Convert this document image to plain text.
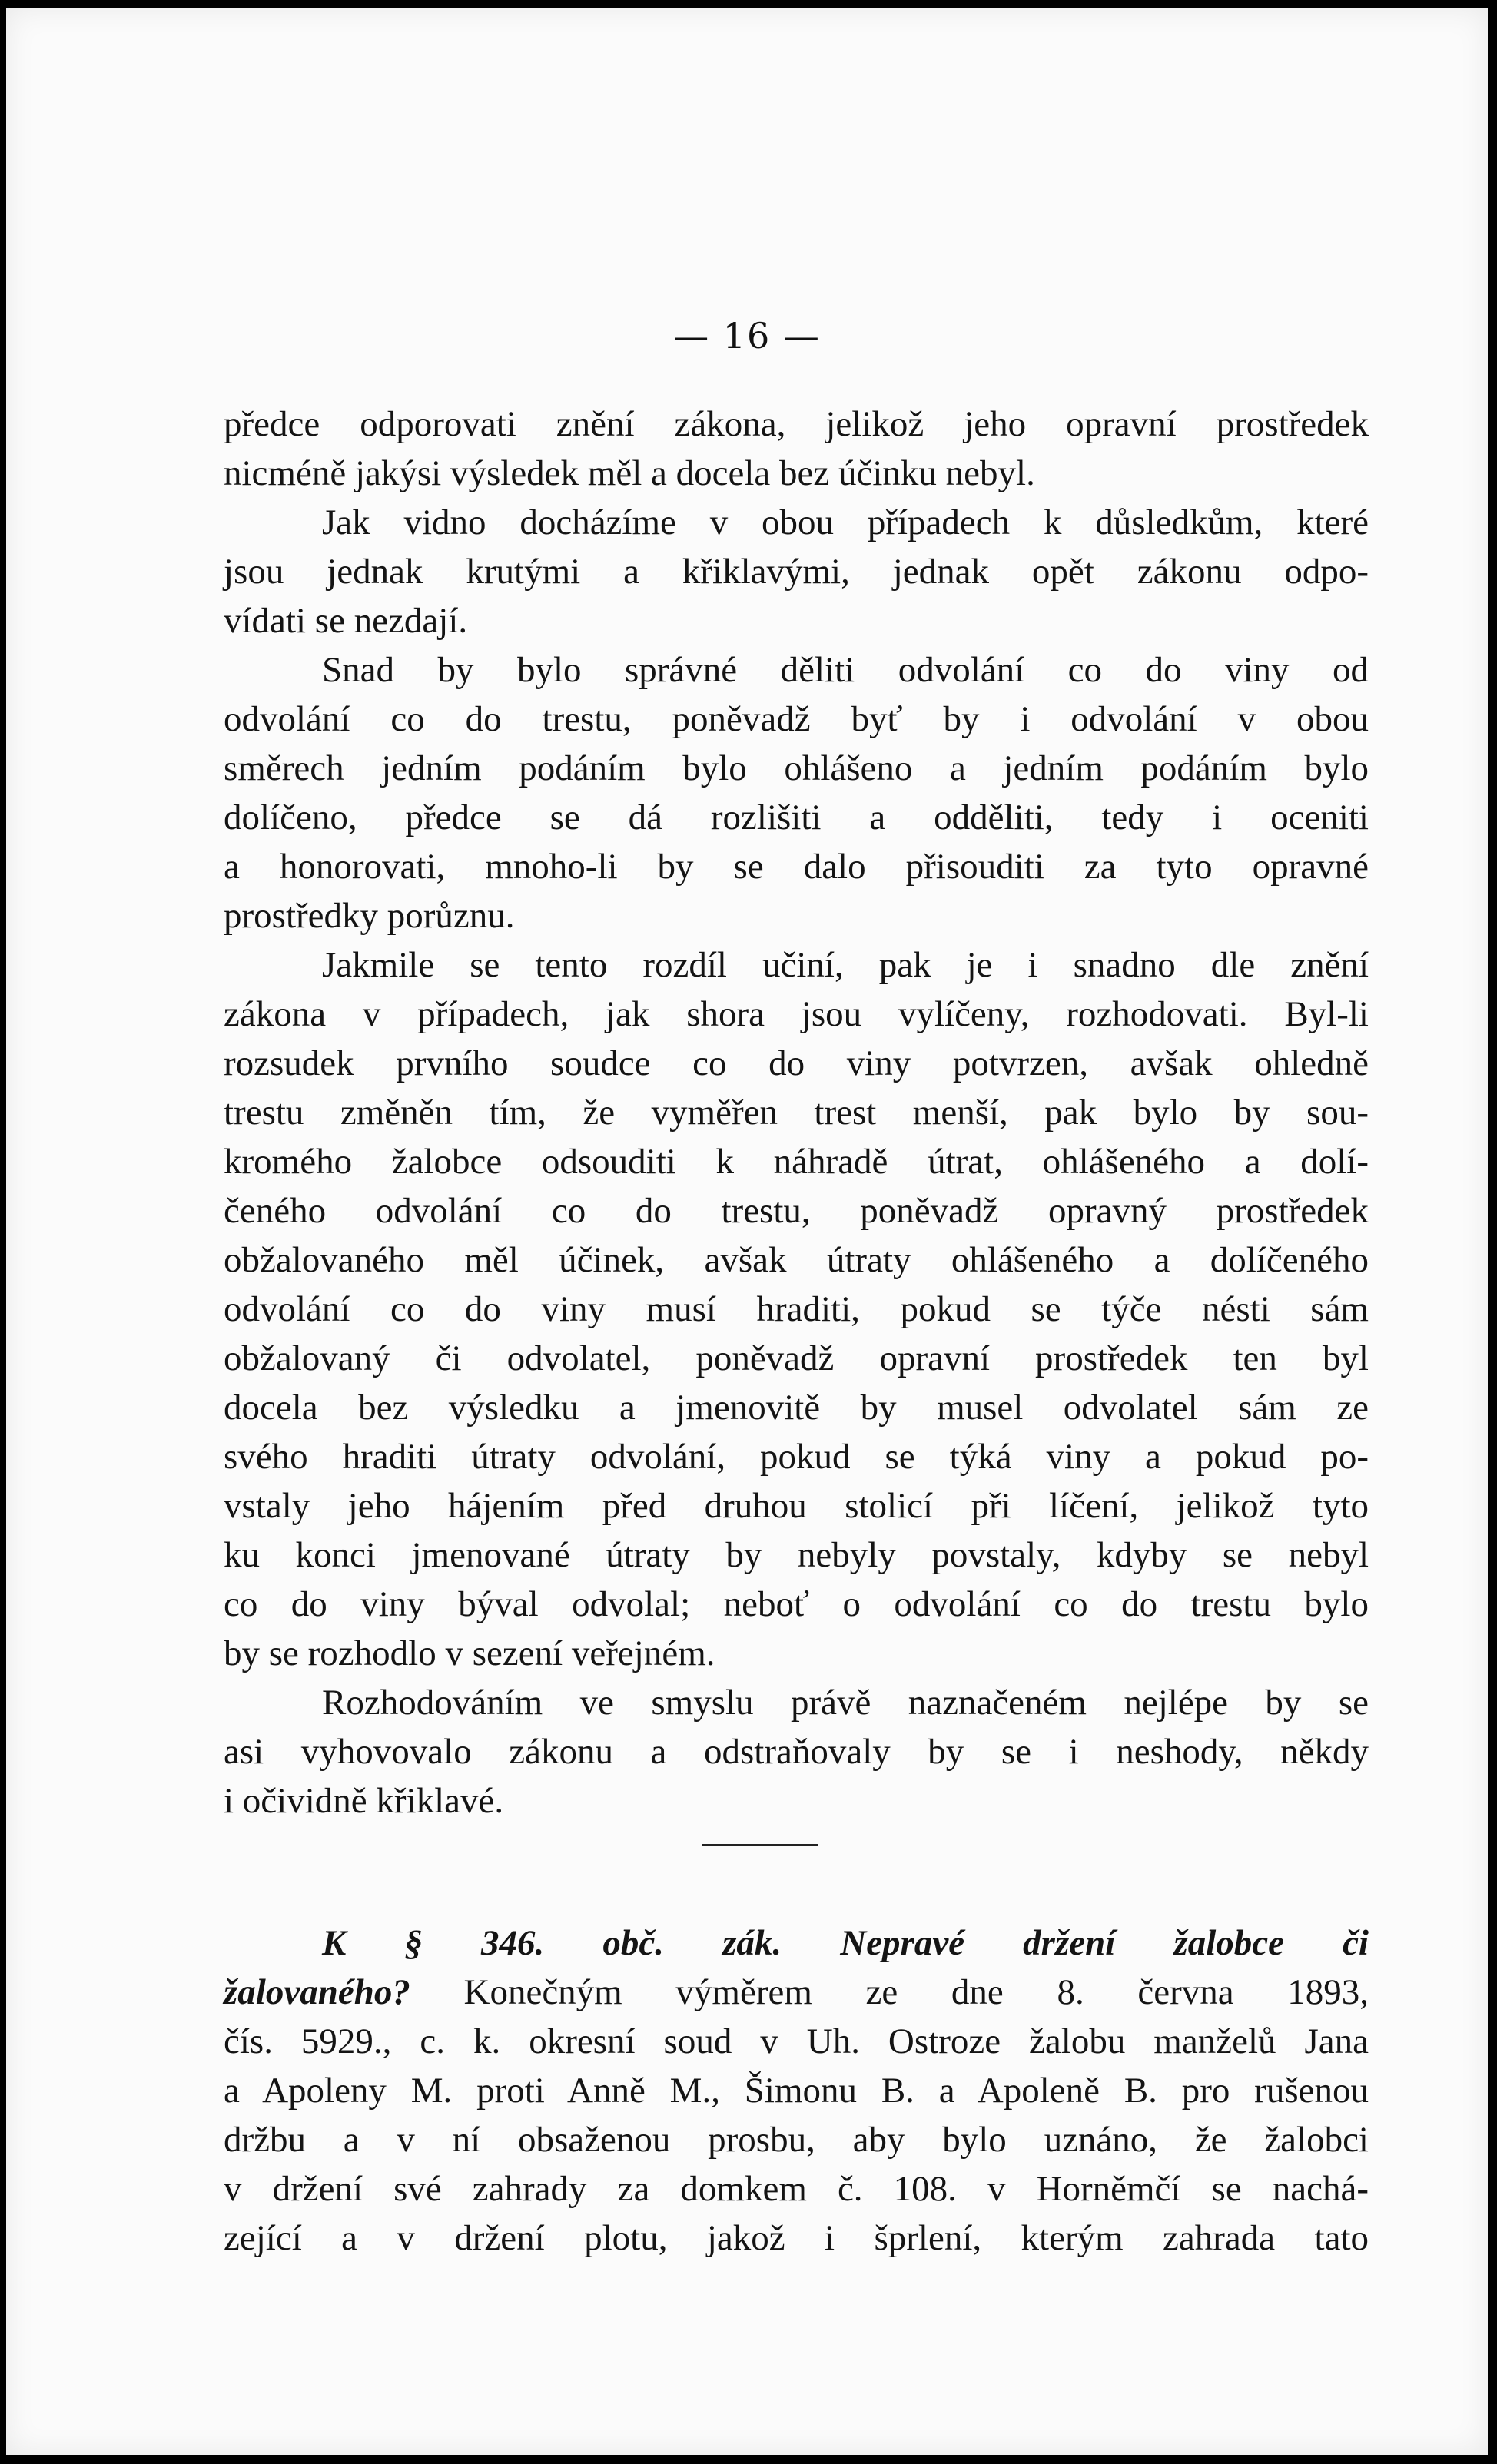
— 16 —
předce odporovati znění zákona, jelikož jeho opravní prostředek
nicméně jakýsi výsledek měl a docela bez účinku nebyl.
Jak vidno docházíme v obou případech k důsledkům, které
jsou jednak krutými a křiklavými, jednak opět zákonu odpo-
vídati se nezdají.
Snad by bylo správné děliti odvolání co do viny od
odvolání co do trestu, poněvadž byť by i odvolání v obou
směrech jedním podáním bylo ohlášeno a jedním podáním bylo
dolíčeno, předce se dá rozlišiti a odděliti, tedy i oceniti
a honorovati, mnoho-li by se dalo přisouditi za tyto opravné
prostředky porůznu.
Jakmile se tento rozdíl učiní, pak je i snadno dle znění
zákona v případech, jak shora jsou vylíčeny, rozhodovati. Byl-li
rozsudek prvního soudce co do viny potvrzen, avšak ohledně
trestu změněn tím, že vyměřen trest menší, pak bylo by sou-
kromého žalobce odsouditi k náhradě útrat, ohlášeného a dolí-
čeného odvolání co do trestu, poněvadž opravný prostředek
obžalovaného měl účinek, avšak útraty ohlášeného a dolíčeného
odvolání co do viny musí hraditi, pokud se týče nésti sám
obžalovaný či odvolatel, poněvadž opravní prostředek ten byl
docela bez výsledku a jmenovitě by musel odvolatel sám ze
svého hraditi útraty odvolání, pokud se týká viny a pokud po-
vstaly jeho hájením před druhou stolicí při líčení, jelikož tyto
ku konci jmenované útraty by nebyly povstaly, kdyby se nebyl
co do viny býval odvolal; neboť o odvolání co do trestu bylo
by se rozhodlo v sezení veřejném.
Rozhodováním ve smyslu právě naznačeném nejlépe by se
asi vyhovovalo zákonu a odstraňovaly by se i neshody, někdy
i očividně křiklavé.
K § 346. obč. zák. Nepravé držení žalobce či
žalovaného? Konečným výměrem ze dne 8. června 1893,
čís. 5929., c. k. okresní soud v Uh. Ostroze žalobu manželů Jana
a Apoleny M. proti Anně M., Šimonu B. a Apoleně B. pro rušenou
držbu a v ní obsaženou prosbu, aby bylo uznáno, že žalobci
v držení své zahrady za domkem č. 108. v Horněmčí se nachá-
zející a v držení plotu, jakož i šprlení, kterým zahrada tato
